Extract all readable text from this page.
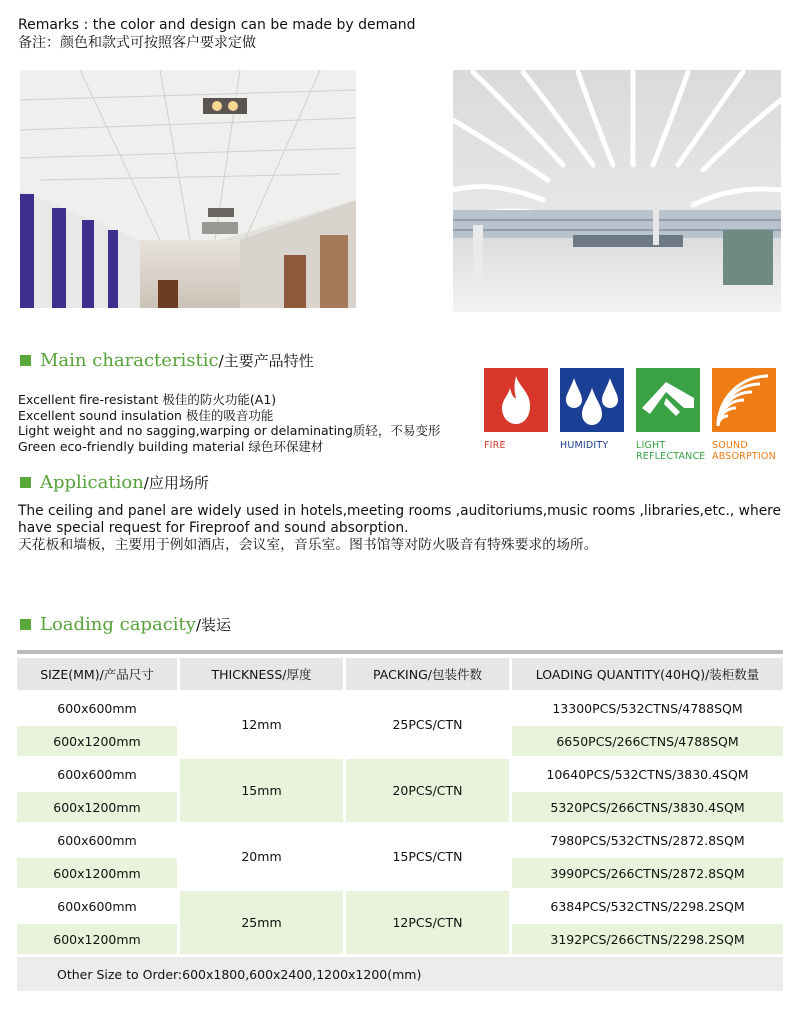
Remarks : the color and design can be made by demand
备注：颜色和款式可按照客户要求定做
Main characteristic /主要产品特性
Excellent fire-resistant 极佳的防火功能(A1)
Excellent sound insulation 极佳的吸音功能
Light weight and no sagging,warping or delaminating质轻，不易变形
Green eco-friendly building material 绿色环保建材	FIRE	HUMIDITY	LIGHT
REFLECTANCE
SOUND
ABSORPTION
Application /应用场所
The ceiling and panel are widely used in hotels,meeting rooms ,auditoriums,music rooms ,libraries,etc., where have special request for Fireproof and sound absorption.
天花板和墙板，主要用于例如酒店，会议室，音乐室。图书馆等对防火吸音有特殊要求的场所。
Loading capacity /装运
SIZE(MM)/产品尺寸	THICKNESS/厚度	PACKING/包装件数	LOADING QUANTITY(40HQ)/装柜数量
600x600mm	12mm	25PCS/CTN	13300PCS/532CTNS/4788SQM
600x1200mm			6650PCS/266CTNS/4788SQM
600x600mm	15mm	20PCS/CTN	10640PCS/532CTNS/3830.4SQM
600x1200mm			5320PCS/266CTNS/3830.4SQM
600x600mm	20mm	15PCS/CTN	7980PCS/532CTNS/2872.8SQM
600x1200mm			3990PCS/266CTNS/2872.8SQM
600x600mm	25mm	12PCS/CTN	6384PCS/532CTNS/2298.2SQM
600x1200mm			3192PCS/266CTNS/2298.2SQM
Other Size to Order:600x1800,600x2400,1200x1200(mm)			
